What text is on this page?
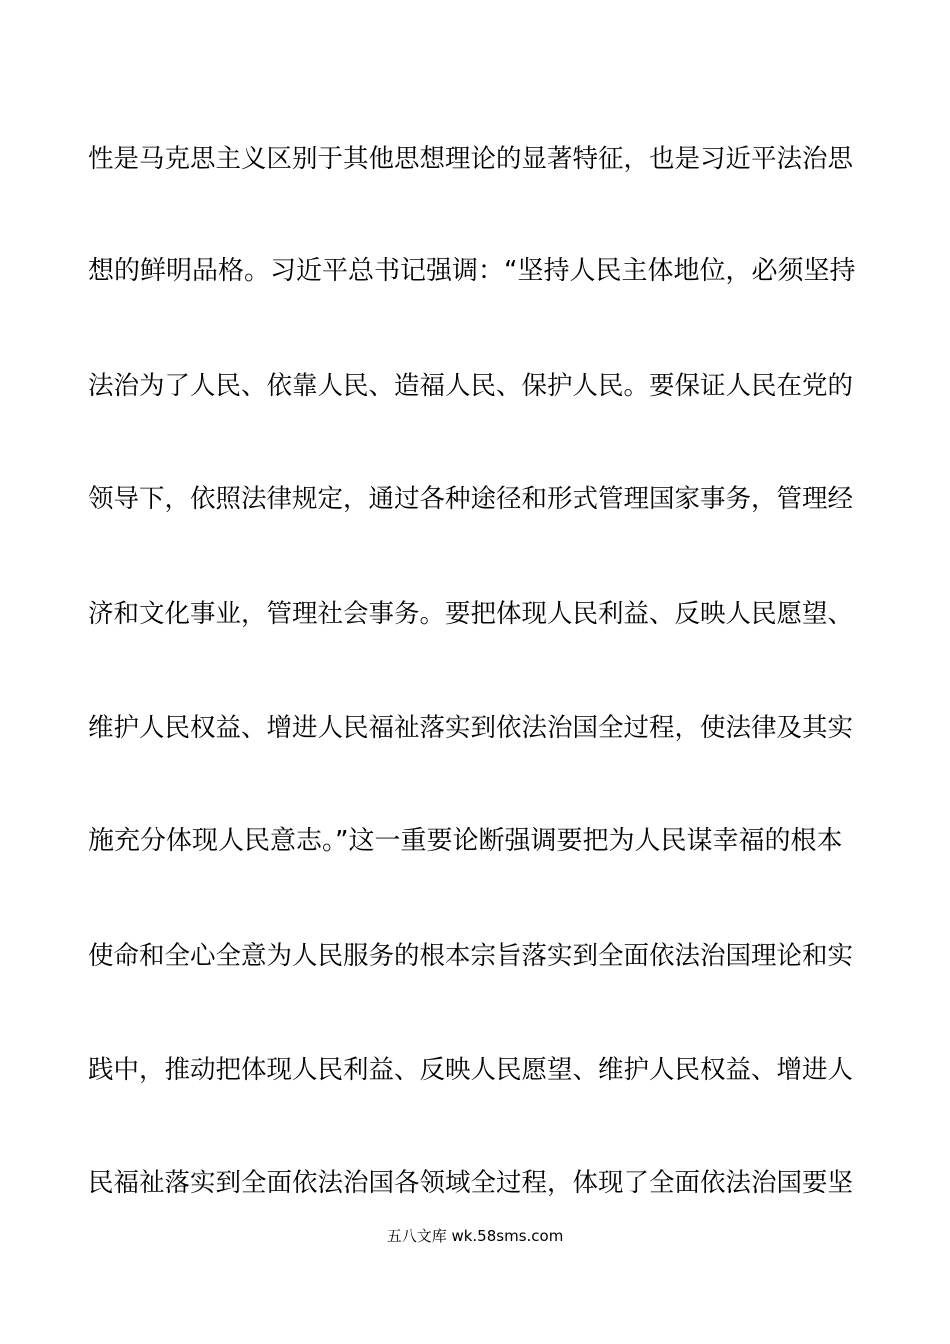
性是马克思主义区别于其他思想理论的显著特征，也是习近平法治思
想的鲜明品格。习近平总书记强调：“坚持人民主体地位，必须坚持
法治为了人民、依靠人民、造福人民、保护人民。要保证人民在党的
领导下，依照法律规定，通过各种途径和形式管理国家事务，管理经
济和文化事业，管理社会事务。要把体现人民利益、反映人民愿望、
维护人民权益、增进人民福祉落实到依法治国全过程，使法律及其实
施充分体现人民意志。”这一重要论断强调要把为人民谋幸福的根本
使命和全心全意为人民服务的根本宗旨落实到全面依法治国理论和实
践中，推动把体现人民利益、反映人民愿望、维护人民权益、增进人
民福祉落实到全面依法治国各领域全过程，体现了全面依法治国要坚
五八文库 wk.58sms.com
